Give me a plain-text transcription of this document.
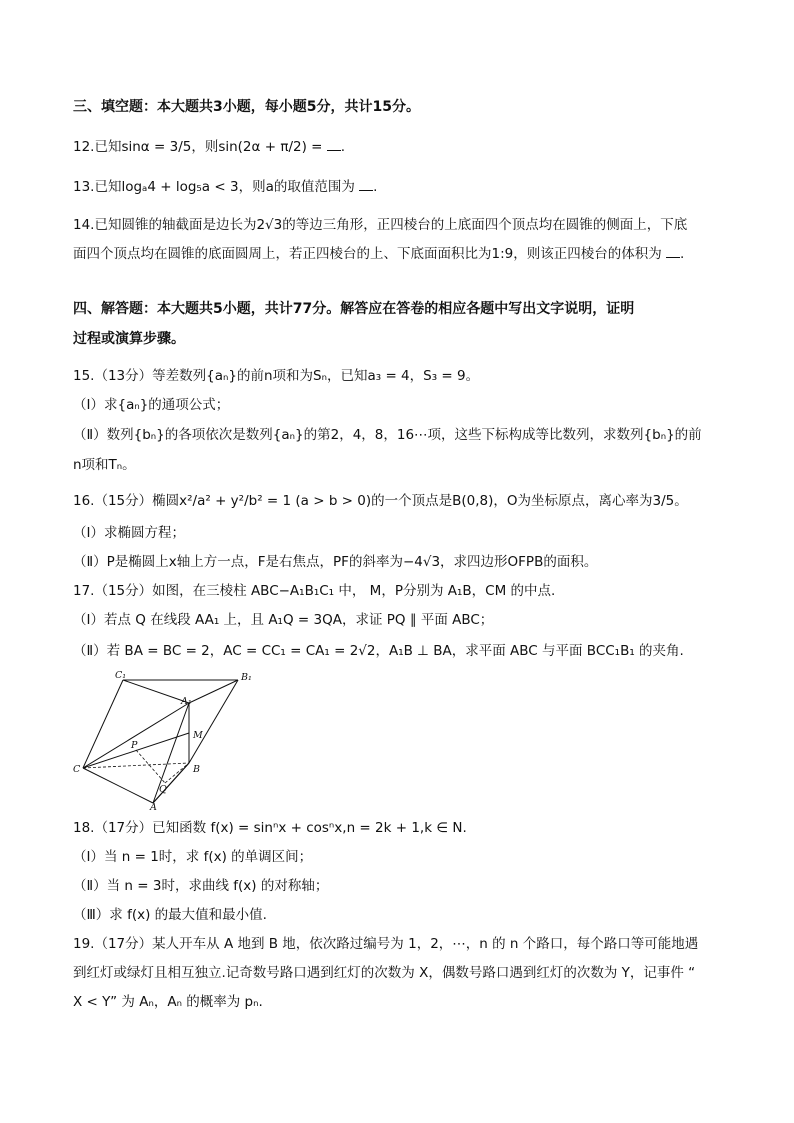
三、填空题：本大题共3小题，每小题5分，共计15分。
12.已知sinα = 3/5，则sin(2α + π/2) = .
13.已知logₐ4 + log₅a < 3，则a的取值范围为 .
14.已知圆锥的轴截面是边长为2√3的等边三角形，正四棱台的上底面四个顶点均在圆锥的侧面上，下底
面四个顶点均在圆锥的底面圆周上，若正四棱台的上、下底面面积比为1:9，则该正四棱台的体积为 .
四、解答题：本大题共5小题，共计77分。解答应在答卷的相应各题中写出文字说明，证明
过程或演算步骤。
15.（13分）等差数列{aₙ}的前n项和为Sₙ，已知a₃ = 4，S₃ = 9。
（Ⅰ）求{aₙ}的通项公式；
（Ⅱ）数列{bₙ}的各项依次是数列{aₙ}的第2，4，8，16⋯项，这些下标构成等比数列，求数列{bₙ}的前
n项和Tₙ。
16.（15分）椭圆x²/a² + y²/b² = 1 (a > b > 0)的一个顶点是B(0,8)，O为坐标原点，离心率为3/5。
（Ⅰ）求椭圆方程；
（Ⅱ）P是椭圆上x轴上方一点，F是右焦点，PF的斜率为−4√3，求四边形OFPB的面积。
17.（15分）如图，在三棱柱 ABC−A₁B₁C₁ 中， M，P分别为 A₁B，CM 的中点.
（Ⅰ）若点 Q 在线段 AA₁ 上，且 A₁Q = 3QA，求证 PQ ∥ 平面 ABC；
（Ⅱ）若 BA = BC = 2，AC = CC₁ = CA₁ = 2√2，A₁B ⊥ BA，求平面 ABC 与平面 BCC₁B₁ 的夹角.
C₁	B₁
A₁
M
P
C	B
Q
A
18.（17分）已知函数 f(x) = sinⁿx + cosⁿx,n = 2k + 1,k ∈ N.
（Ⅰ）当 n = 1时，求 f(x) 的单调区间；
（Ⅱ）当 n = 3时，求曲线 f(x) 的对称轴；
（Ⅲ）求 f(x) 的最大值和最小值.
19.（17分）某人开车从 A 地到 B 地，依次路过编号为 1，2，⋯，n 的 n 个路口，每个路口等可能地遇
到红灯或绿灯且相互独立.记奇数号路口遇到红灯的次数为 X，偶数号路口遇到红灯的次数为 Y，记事件 “
X < Y” 为 Aₙ，Aₙ 的概率为 pₙ.
